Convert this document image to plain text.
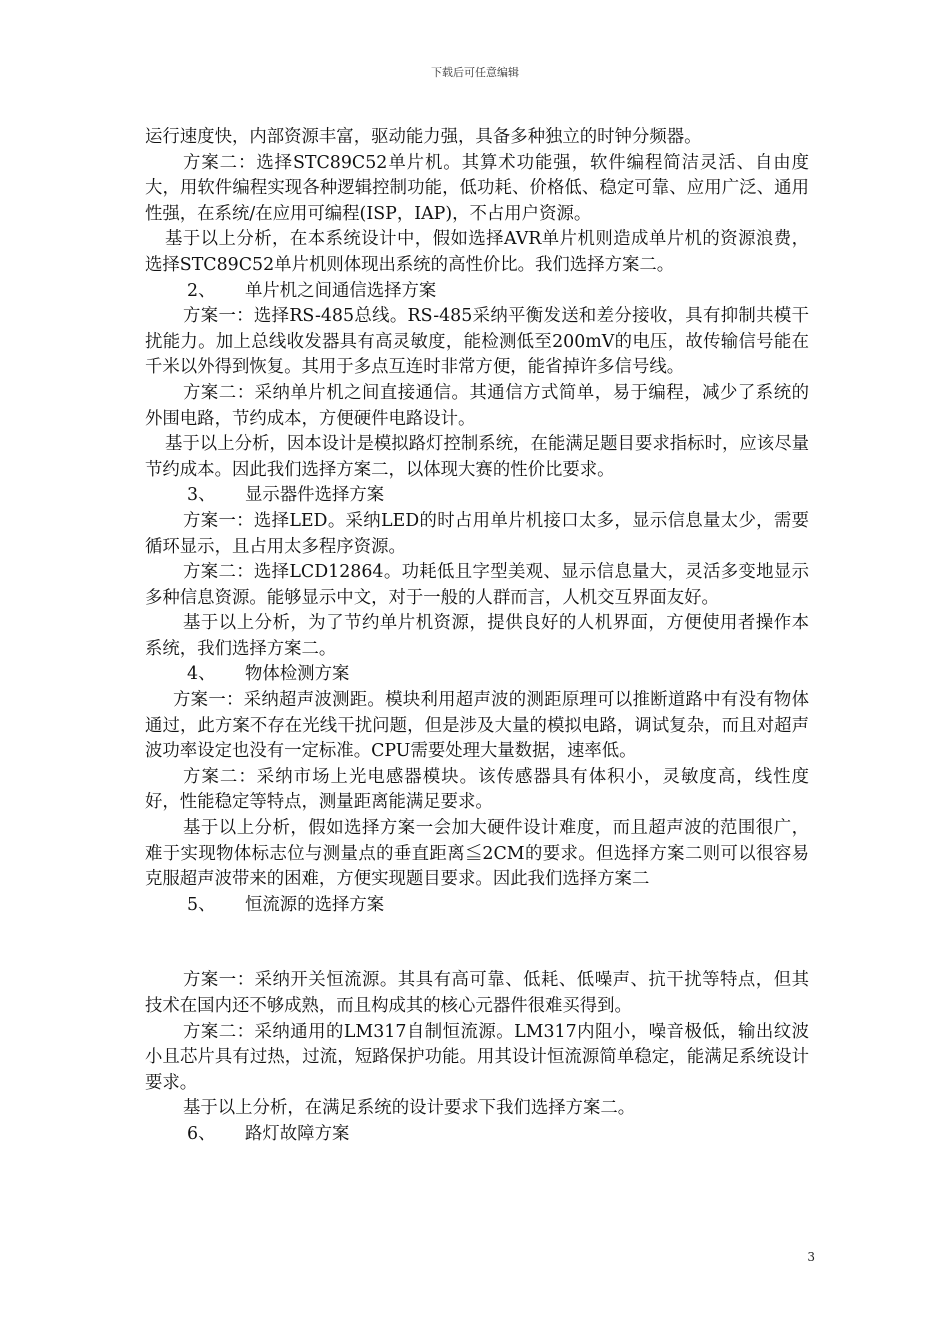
下载后可任意编辑

运行速度快，内部资源丰富，驱动能力强，具备多种独立的时钟分频器。

方案二：选择STC89C52单片机。其算术功能强，软件编程简洁灵活、自由度大，用软件编程实现各种逻辑控制功能，低功耗、价格低、稳定可靠、应用广泛、通用性强，在系统/在应用可编程(ISP，IAP)，不占用户资源。

基于以上分析，在本系统设计中，假如选择AVR单片机则造成单片机的资源浪费，选择STC89C52单片机则体现出系统的高性价比。我们选择方案二。

2、 单片机之间通信选择方案

方案一：选择RS-485总线。RS-485采纳平衡发送和差分接收，具有抑制共模干扰能力。加上总线收发器具有高灵敏度，能检测低至200mV的电压，故传输信号能在千米以外得到恢复。其用于多点互连时非常方便，能省掉许多信号线。

方案二：采纳单片机之间直接通信。其通信方式简单，易于编程，减少了系统的外围电路，节约成本，方便硬件电路设计。

基于以上分析，因本设计是模拟路灯控制系统，在能满足题目要求指标时，应该尽量节约成本。因此我们选择方案二，以体现大赛的性价比要求。

3、 显示器件选择方案

方案一：选择LED。采纳LED的时占用单片机接口太多，显示信息量太少，需要循环显示，且占用太多程序资源。

方案二：选择LCD12864。功耗低且字型美观、显示信息量大，灵活多变地显示多种信息资源。能够显示中文，对于一般的人群而言，人机交互界面友好。

基于以上分析，为了节约单片机资源，提供良好的人机界面，方便使用者操作本系统，我们选择方案二。

4、 物体检测方案

方案一：采纳超声波测距。模块利用超声波的测距原理可以推断道路中有没有物体通过，此方案不存在光线干扰问题，但是涉及大量的模拟电路，调试复杂，而且对超声波功率设定也没有一定标准。CPU需要处理大量数据，速率低。

方案二：采纳市场上光电感器模块。该传感器具有体积小，灵敏度高，线性度好，性能稳定等特点，测量距离能满足要求。

基于以上分析，假如选择方案一会加大硬件设计难度，而且超声波的范围很广，难于实现物体标志位与测量点的垂直距离≦2CM的要求。但选择方案二则可以很容易克服超声波带来的困难，方便实现题目要求。因此我们选择方案二

5、 恒流源的选择方案

方案一：采纳开关恒流源。其具有高可靠、低耗、低噪声、抗干扰等特点，但其技术在国内还不够成熟，而且构成其的核心元器件很难买得到。

方案二：采纳通用的LM317自制恒流源。LM317内阻小，噪音极低，输出纹波小且芯片具有过热，过流，短路保护功能。用其设计恒流源简单稳定，能满足系统设计要求。

基于以上分析，在满足系统的设计要求下我们选择方案二。

6、 路灯故障方案

3
